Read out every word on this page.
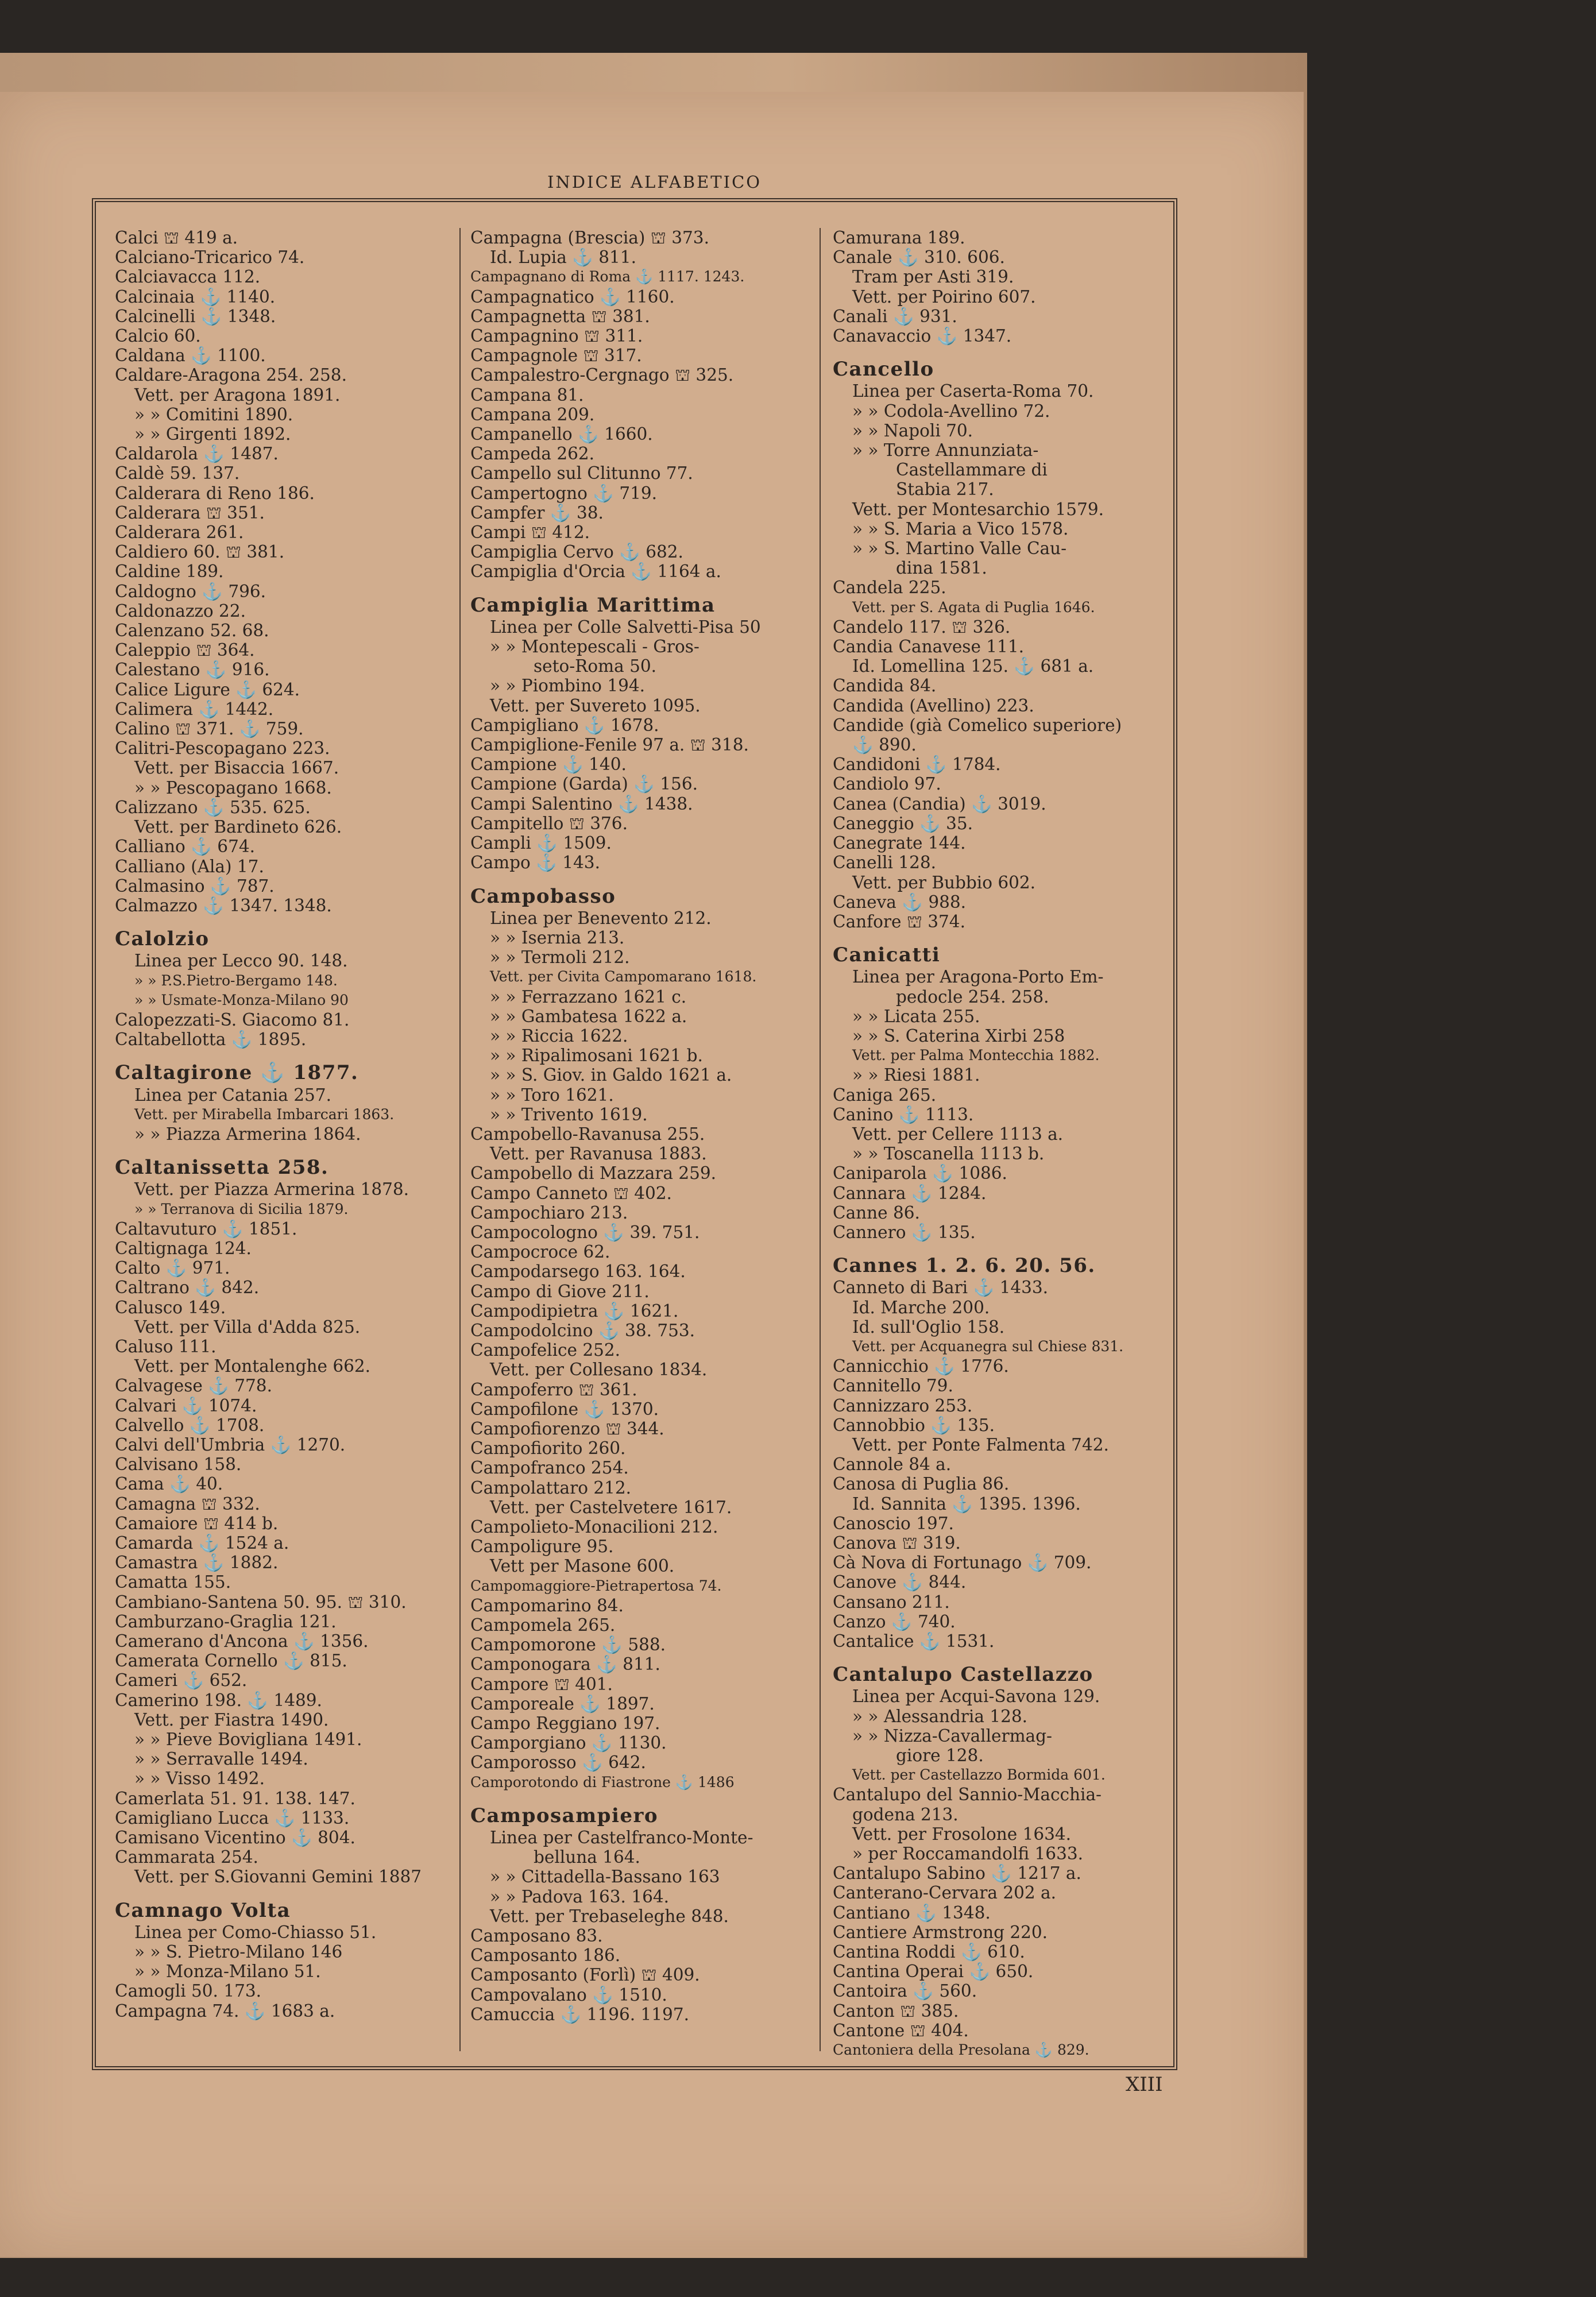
INDICE ALFABETICO
Calci ⛫ 419 a.
Calciano-Tricarico 74.
Calciavacca 112.
Calcinaia ⚓ 1140.
Calcinelli ⚓ 1348.
Calcio 60.
Caldana ⚓ 1100.
Caldare-Aragona 254. 258.
Vett. per Aragona 1891.
» » Comitini 1890.
» » Girgenti 1892.
Caldarola ⚓ 1487.
Caldè 59. 137.
Calderara di Reno 186.
Calderara ⛫ 351.
Calderara 261.
Caldiero 60. ⛫ 381.
Caldine 189.
Caldogno ⚓ 796.
Caldonazzo 22.
Calenzano 52. 68.
Caleppio ⛫ 364.
Calestano ⚓ 916.
Calice Ligure ⚓ 624.
Calimera ⚓ 1442.
Calino ⛫ 371. ⚓ 759.
Calitri-Pescopagano 223.
Vett. per Bisaccia 1667.
» » Pescopagano 1668.
Calizzano ⚓ 535. 625.
Vett. per Bardineto 626.
Calliano ⚓ 674.
Calliano (Ala) 17.
Calmasino ⚓ 787.
Calmazzo ⚓ 1347. 1348.
Calolzio
Linea per Lecco 90. 148.
» » P.S.Pietro-Bergamo 148.
» » Usmate-Monza-Milano 90
Calopezzati-S. Giacomo 81.
Caltabellotta ⚓ 1895.
Caltagirone ⚓ 1877.
Linea per Catania 257.
Vett. per Mirabella Imbarcari 1863.
» » Piazza Armerina 1864.
Caltanissetta 258.
Vett. per Piazza Armerina 1878.
» » Terranova di Sicilia 1879.
Caltavuturo ⚓ 1851.
Caltignaga 124.
Calto ⚓ 971.
Caltrano ⚓ 842.
Calusco 149.
Vett. per Villa d'Adda 825.
Caluso 111.
Vett. per Montalenghe 662.
Calvagese ⚓ 778.
Calvari ⚓ 1074.
Calvello ⚓ 1708.
Calvi dell'Umbria ⚓ 1270.
Calvisano 158.
Cama ⚓ 40.
Camagna ⛫ 332.
Camaiore ⛫ 414 b.
Camarda ⚓ 1524 a.
Camastra ⚓ 1882.
Camatta 155.
Cambiano-Santena 50. 95. ⛫ 310.
Camburzano-Graglia 121.
Camerano d'Ancona ⚓ 1356.
Camerata Cornello ⚓ 815.
Cameri ⚓ 652.
Camerino 198. ⚓ 1489.
Vett. per Fiastra 1490.
» » Pieve Bovigliana 1491.
» » Serravalle 1494.
» » Visso 1492.
Camerlata 51. 91. 138. 147.
Camigliano Lucca ⚓ 1133.
Camisano Vicentino ⚓ 804.
Cammarata 254.
Vett. per S.Giovanni Gemini 1887
Camnago Volta
Linea per Como-Chiasso 51.
» » S. Pietro-Milano 146
» » Monza-Milano 51.
Camogli 50. 173.
Campagna 74. ⚓ 1683 a.
Campagna (Brescia) ⛫ 373.
Id. Lupia ⚓ 811.
Campagnano di Roma ⚓ 1117. 1243.
Campagnatico ⚓ 1160.
Campagnetta ⛫ 381.
Campagnino ⛫ 311.
Campagnole ⛫ 317.
Campalestro-Cergnago ⛫ 325.
Campana 81.
Campana 209.
Campanello ⚓ 1660.
Campeda 262.
Campello sul Clitunno 77.
Campertogno ⚓ 719.
Campfer ⚓ 38.
Campi ⛫ 412.
Campiglia Cervo ⚓ 682.
Campiglia d'Orcia ⚓ 1164 a.
Campiglia Marittima
Linea per Colle Salvetti-Pisa 50
» » Montepescali - Gros-
seto-Roma 50.
» » Piombino 194.
Vett. per Suvereto 1095.
Campigliano ⚓ 1678.
Campiglione-Fenile 97 a. ⛫ 318.
Campione ⚓ 140.
Campione (Garda) ⚓ 156.
Campi Salentino ⚓ 1438.
Campitello ⛫ 376.
Campli ⚓ 1509.
Campo ⚓ 143.
Campobasso
Linea per Benevento 212.
» » Isernia 213.
» » Termoli 212.
Vett. per Civita Campomarano 1618.
» » Ferrazzano 1621 c.
» » Gambatesa 1622 a.
» » Riccia 1622.
» » Ripalimosani 1621 b.
» » S. Giov. in Galdo 1621 a.
» » Toro 1621.
» » Trivento 1619.
Campobello-Ravanusa 255.
Vett. per Ravanusa 1883.
Campobello di Mazzara 259.
Campo Canneto ⛫ 402.
Campochiaro 213.
Campocologno ⚓ 39. 751.
Campocroce 62.
Campodarsego 163. 164.
Campo di Giove 211.
Campodipietra ⚓ 1621.
Campodolcino ⚓ 38. 753.
Campofelice 252.
Vett. per Collesano 1834.
Campoferro ⛫ 361.
Campofilone ⚓ 1370.
Campofiorenzo ⛫ 344.
Campofiorito 260.
Campofranco 254.
Campolattaro 212.
Vett. per Castelvetere 1617.
Campolieto-Monacilioni 212.
Campoligure 95.
Vett per Masone 600.
Campomaggiore-Pietrapertosa 74.
Campomarino 84.
Campomela 265.
Campomorone ⚓ 588.
Camponogara ⚓ 811.
Campore ⛫ 401.
Camporeale ⚓ 1897.
Campo Reggiano 197.
Camporgiano ⚓ 1130.
Camporosso ⚓ 642.
Camporotondo di Fiastrone ⚓ 1486
Camposampiero
Linea per Castelfranco-Monte-
belluna 164.
» » Cittadella-Bassano 163
» » Padova 163. 164.
Vett. per Trebaseleghe 848.
Camposano 83.
Camposanto 186.
Camposanto (Forlì) ⛫ 409.
Campovalano ⚓ 1510.
Camuccia ⚓ 1196. 1197.
Camurana 189.
Canale ⚓ 310. 606.
Tram per Asti 319.
Vett. per Poirino 607.
Canali ⚓ 931.
Canavaccio ⚓ 1347.
Cancello
Linea per Caserta-Roma 70.
» » Codola-Avellino 72.
» » Napoli 70.
» » Torre Annunziata-
Castellammare di
Stabia 217.
Vett. per Montesarchio 1579.
» » S. Maria a Vico 1578.
» » S. Martino Valle Cau-
dina 1581.
Candela 225.
Vett. per S. Agata di Puglia 1646.
Candelo 117. ⛫ 326.
Candia Canavese 111.
Id. Lomellina 125. ⚓ 681 a.
Candida 84.
Candida (Avellino) 223.
Candide (già Comelico superiore)
⚓ 890.
Candidoni ⚓ 1784.
Candiolo 97.
Canea (Candia) ⚓ 3019.
Caneggio ⚓ 35.
Canegrate 144.
Canelli 128.
Vett. per Bubbio 602.
Caneva ⚓ 988.
Canfore ⛫ 374.
Canicatti
Linea per Aragona-Porto Em-
pedocle 254. 258.
» » Licata 255.
» » S. Caterina Xirbi 258
Vett. per Palma Montecchia 1882.
» » Riesi 1881.
Caniga 265.
Canino ⚓ 1113.
Vett. per Cellere 1113 a.
» » Toscanella 1113 b.
Caniparola ⚓ 1086.
Cannara ⚓ 1284.
Canne 86.
Cannero ⚓ 135.
Cannes 1. 2. 6. 20. 56.
Canneto di Bari ⚓ 1433.
Id. Marche 200.
Id. sull'Oglio 158.
Vett. per Acquanegra sul Chiese 831.
Cannicchio ⚓ 1776.
Cannitello 79.
Cannizzaro 253.
Cannobbio ⚓ 135.
Vett. per Ponte Falmenta 742.
Cannole 84 a.
Canosa di Puglia 86.
Id. Sannita ⚓ 1395. 1396.
Canoscio 197.
Canova ⛫ 319.
Cà Nova di Fortunago ⚓ 709.
Canove ⚓ 844.
Cansano 211.
Canzo ⚓ 740.
Cantalice ⚓ 1531.
Cantalupo Castellazzo
Linea per Acqui-Savona 129.
» » Alessandria 128.
» » Nizza-Cavallermag-
giore 128.
Vett. per Castellazzo Bormida 601.
Cantalupo del Sannio-Macchia-
godena 213.
Vett. per Frosolone 1634.
» per Roccamandolfi 1633.
Cantalupo Sabino ⚓ 1217 a.
Canterano-Cervara 202 a.
Cantiano ⚓ 1348.
Cantiere Armstrong 220.
Cantina Roddi ⚓ 610.
Cantina Operai ⚓ 650.
Cantoira ⚓ 560.
Canton ⛫ 385.
Cantone ⛫ 404.
Cantoniera della Presolana ⚓ 829.
XIII
